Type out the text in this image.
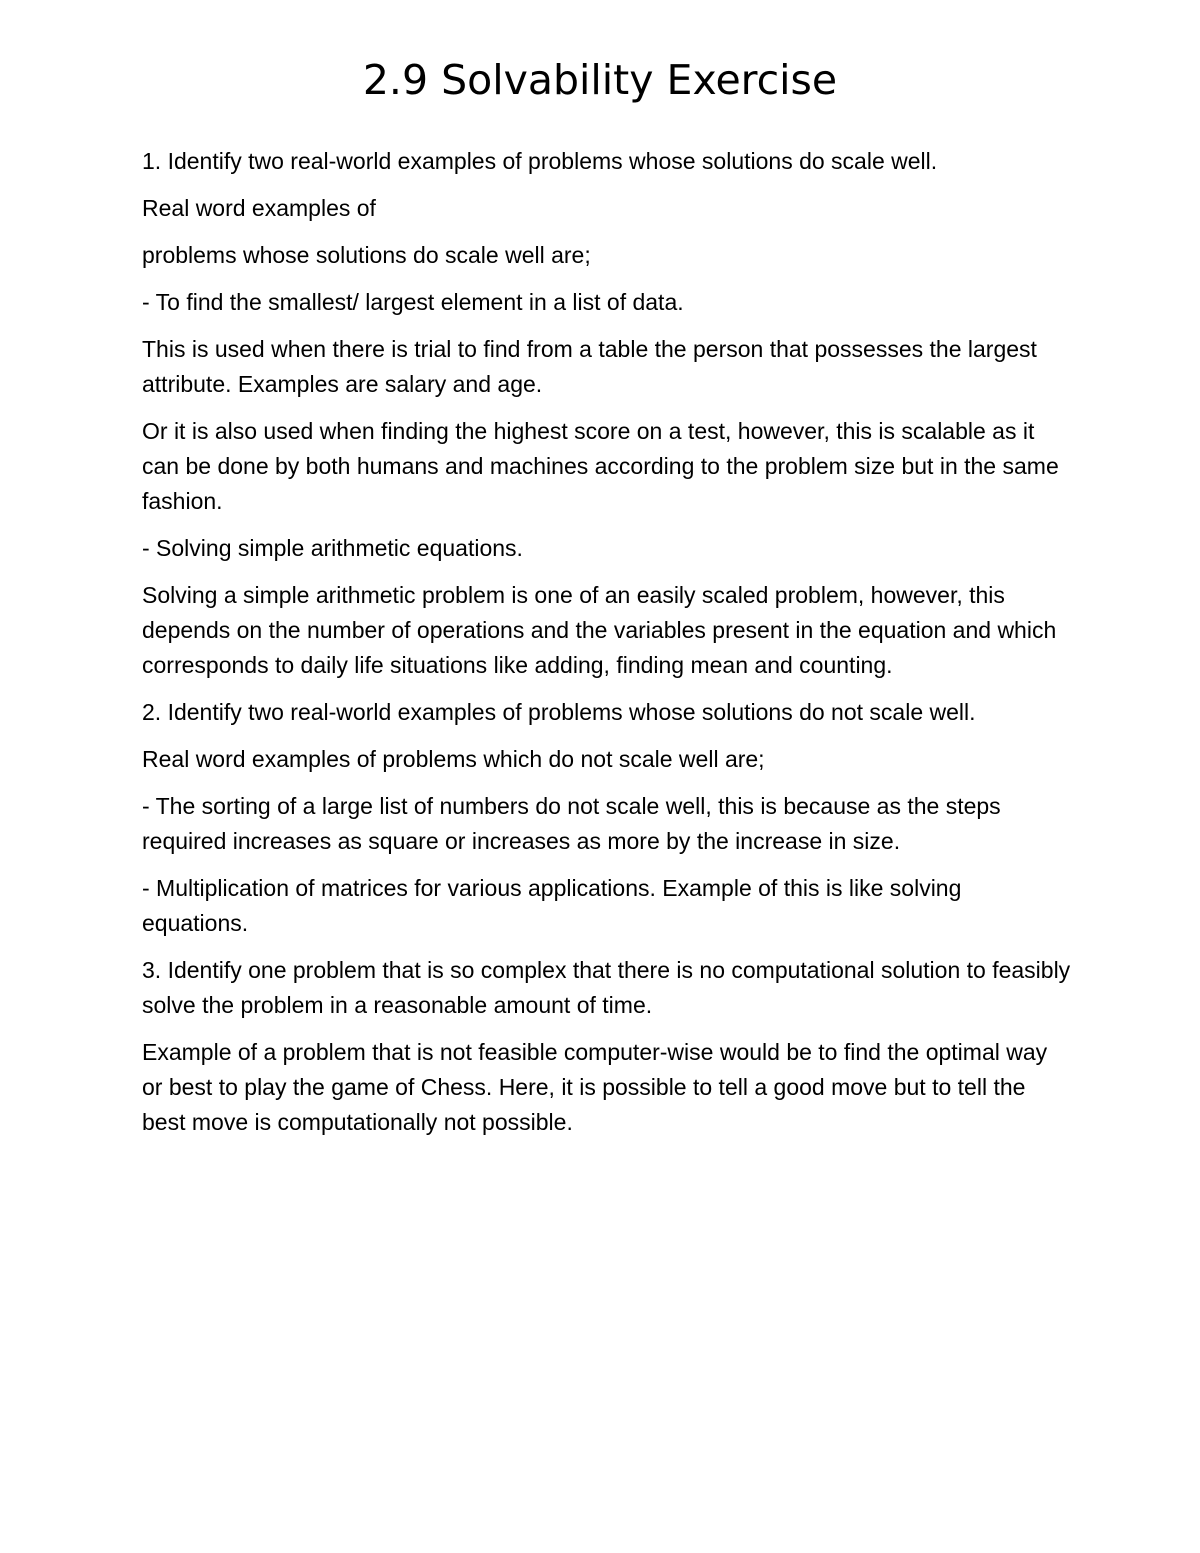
2.9 Solvability Exercise

1. Identify two real-world examples of problems whose solutions do scale well.

Real word examples of

problems whose solutions do scale well are;

- To find the smallest/ largest element in a list of data.

This is used when there is trial to find from a table the person that possesses the largest attribute. Examples are salary and age.

Or it is also used when finding the highest score on a test, however, this is scalable as it can be done by both humans and machines according to the problem size but in the same fashion.

- Solving simple arithmetic equations.

Solving a simple arithmetic problem is one of an easily scaled problem, however, this depends on the number of operations and the variables present in the equation and which corresponds to daily life situations like adding, finding mean and counting.

2. Identify two real-world examples of problems whose solutions do not scale well.

Real word examples of problems which do not scale well are;

- The sorting of a large list of numbers do not scale well, this is because as the steps required increases as square or increases as more by the increase in size.

- Multiplication of matrices for various applications. Example of this is like solving equations.

3. Identify one problem that is so complex that there is no computational solution to feasibly solve the problem in a reasonable amount of time.

Example of a problem that is not feasible computer-wise would be to find the optimal way or best to play the game of Chess. Here, it is possible to tell a good move but to tell the best move is computationally not possible.
